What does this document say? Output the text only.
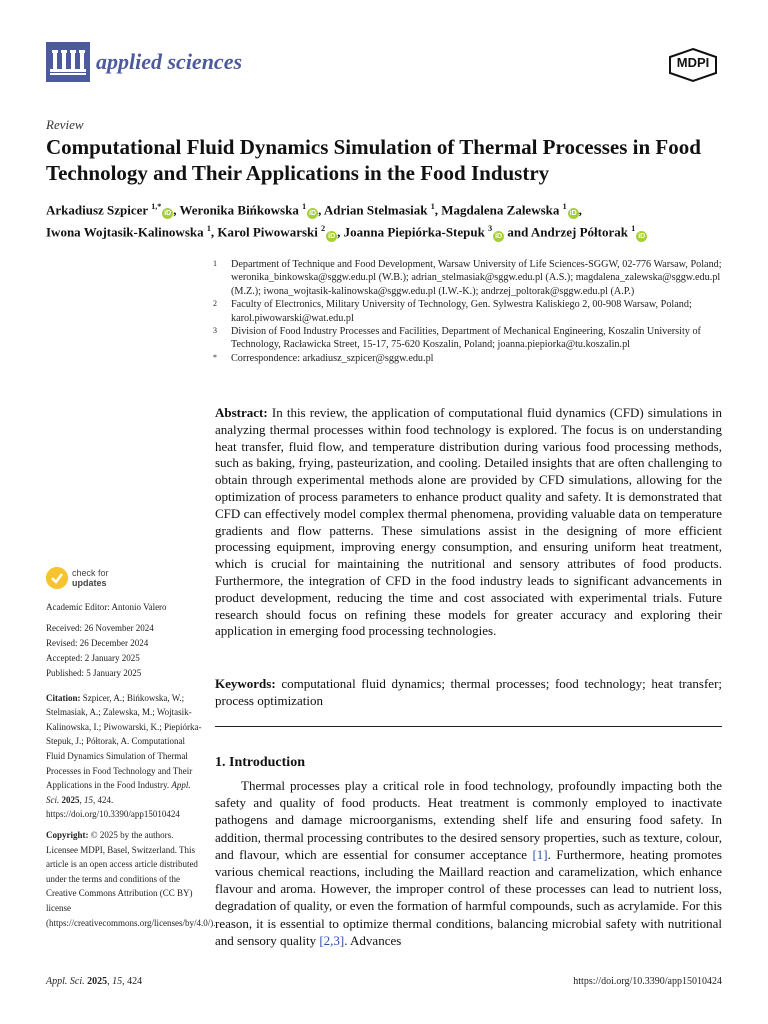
applied sciences	MDPI
Review
Computational Fluid Dynamics Simulation of Thermal Processes in Food Technology and Their Applications in the Food Industry
Arkadiusz Szpicer $^{1,*}$iD , Weronika Bińkowska $^1$iD , Adrian Stelmasiak $^1$, Magdalena Zalewska $^1$iD ,
Iwona Wojtasik-Kalinowska $^1$, Karol Piwowarski $^2$iD , Joanna Piepiórka-Stepuk $^3$iD and Andrzej Półtorak $^1$iD
1	Department of Technique and Food Development, Warsaw University of Life Sciences-SGGW, 02-776 Warsaw, Poland; weronika_binkowska@sggw.edu.pl (W.B.); adrian_stelmasiak@sggw.edu.pl (A.S.); magdalena_zalewska@sggw.edu.pl (M.Z.); iwona_wojtasik-kalinowska@sggw.edu.pl (I.W.-K.); andrzej_poltorak@sggw.edu.pl (A.P.)
2	Faculty of Electronics, Military University of Technology, Gen. Sylwestra Kaliskiego 2, 00-908 Warsaw, Poland; karol.piwowarski@wat.edu.pl
3	Division of Food Industry Processes and Facilities, Department of Mechanical Engineering, Koszalin University of Technology, Racławicka Street, 15-17, 75-620 Koszalin, Poland; joanna.piepiorka@tu.koszalin.pl
*	Correspondence: arkadiusz_szpicer@sggw.edu.pl
Abstract: In this review, the application of computational fluid dynamics (CFD) simulations in analyzing thermal processes within food technology is explored. The focus is on understanding heat transfer, fluid flow, and temperature distribution during various food processing methods, such as baking, frying, pasteurization, and cooling. Detailed insights that are often challenging to obtain through experimental methods alone are provided by CFD simulations, allowing for the optimization of process parameters to enhance product quality and safety. It is demonstrated that CFD can effectively model complex thermal phenomena, providing valuable data on temperature gradients and flow patterns. These simulations assist in the designing of more efficient processing equipment, improving energy consumption, and ensuring uniform heat treatment, which is crucial for maintaining the nutritional and sensory attributes of food products. Furthermore, the integration of CFD in the food industry leads to significant advancements in product development, reducing the time and cost associated with experimental trials. Future research should focus on refining these models for greater accuracy and exploring their application in emerging food processing technologies.
Keywords: computational fluid dynamics; thermal processes; food technology; heat transfer; process optimization
1. Introduction
Thermal processes play a critical role in food technology, profoundly impacting both the safety and quality of food products. Heat treatment is commonly employed to inactivate pathogens and damage microorganisms, extending shelf life and ensuring food safety. In addition, thermal processing contributes to the desired sensory properties, such as texture, colour, and flavour, which are essential for consumer acceptance [1]. Furthermore, heating promotes various chemical reactions, including the Maillard reaction and caramelization, which enhance flavour and aroma. However, the improper control of these processes can lead to nutrient loss, degradation of quality, or even the formation of harmful compounds, such as acrylamide. For this reason, it is essential to optimize thermal conditions, balancing microbial safety with nutritional and sensory quality [2,3]. Advances
check for
updates

Academic Editor: Antonio Valero

Received: 26 November 2024
Revised: 26 December 2024
Accepted: 2 January 2025
Published: 5 January 2025

Citation: Szpicer, A.; Bińkowska, W.; Stelmasiak, A.; Zalewska, M.; Wojtasik-Kalinowska, I.; Piwowarski, K.; Piepiórka-Stepuk, J.; Półtorak, A. Computational Fluid Dynamics Simulation of Thermal Processes in Food Technology and Their Applications in the Food Industry. Appl. Sci. 2025, 15, 424. https://doi.org/10.3390/app15010424

Copyright: © 2025 by the authors. Licensee MDPI, Basel, Switzerland. This article is an open access article distributed under the terms and conditions of the Creative Commons Attribution (CC BY) license (https://creativecommons.org/licenses/by/4.0/).

Appl. Sci. 2025, 15, 424	https://doi.org/10.3390/app15010424
